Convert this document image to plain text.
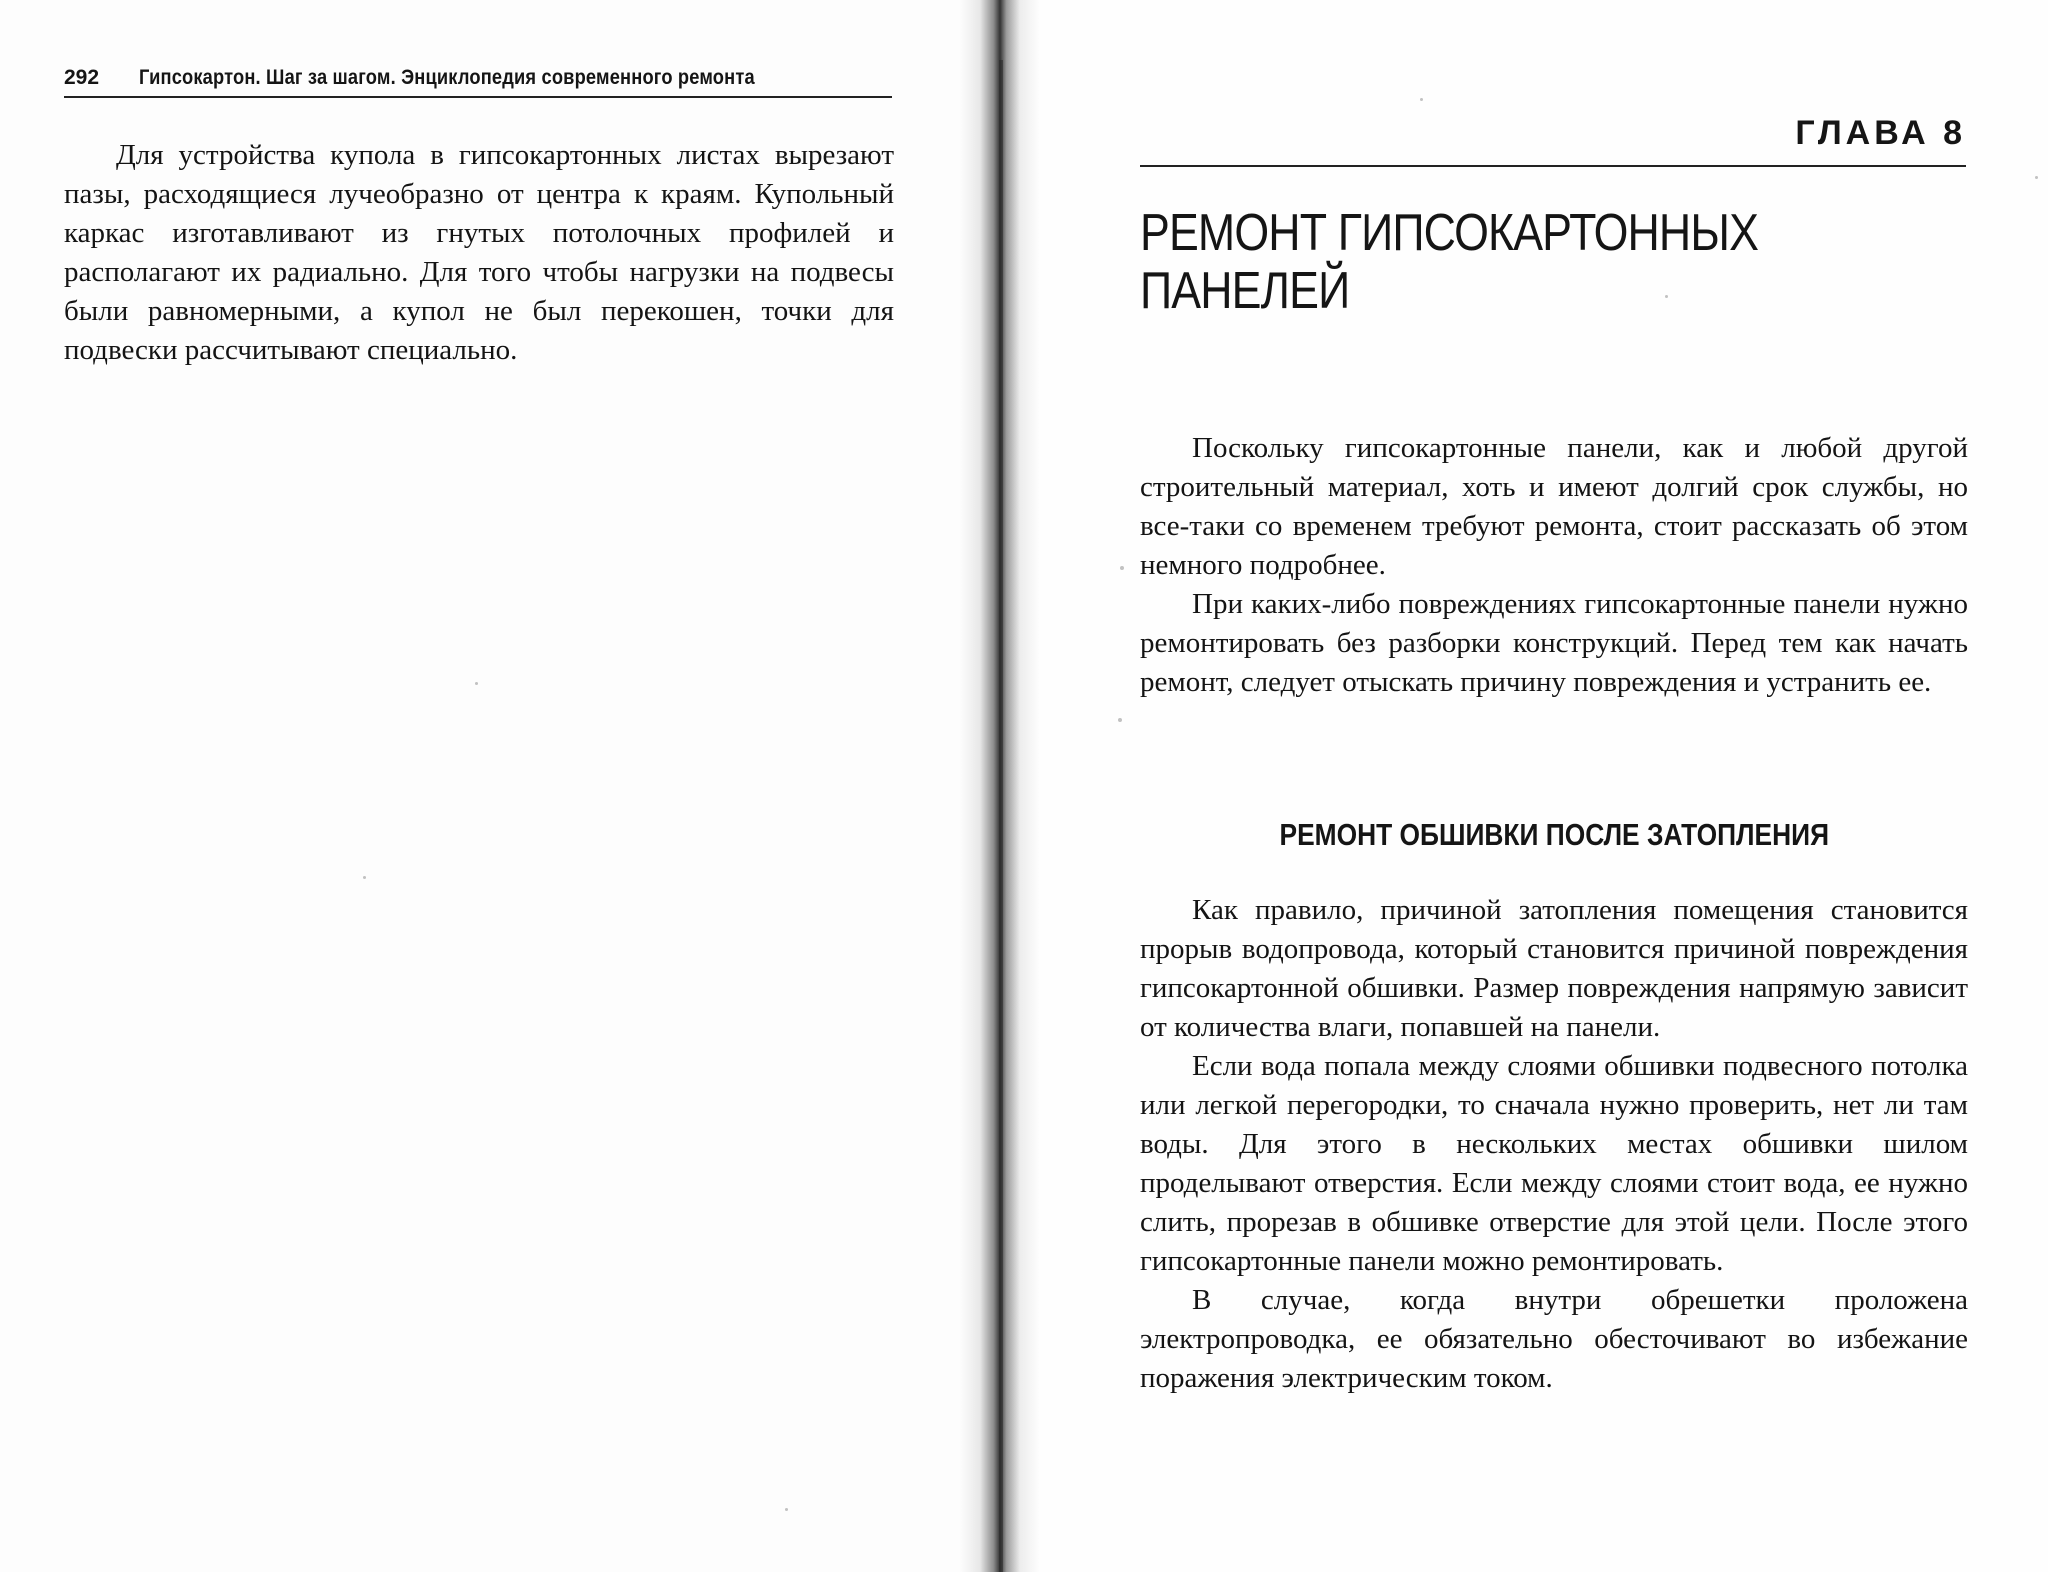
292 Гипсокартон. Шаг за шагом. Энциклопедия современного ремонта

Для устройства купола в гипсокартонных листах вырезают пазы, расходящиеся лучеобразно от центра к краям. Купольный каркас изготавливают из гнутых потолочных профилей и располагают их радиально. Для того чтобы нагрузки на подвесы были равномерными, а купол не был перекошен, точки для подвески рассчитывают специально.

ГЛАВА 8
РЕМОНТ ГИПСОКАРТОННЫХ ПАНЕЛЕЙ

Поскольку гипсокартонные панели, как и любой другой строительный материал, хоть и имеют долгий срок службы, но все-таки со временем требуют ремонта, стоит рассказать об этом немного подробнее.

При каких-либо повреждениях гипсокартонные панели нужно ремонтировать без разборки конструкций. Перед тем как начать ремонт, следует отыскать причину повреждения и устранить ее.

РЕМОНТ ОБШИВКИ ПОСЛЕ ЗАТОПЛЕНИЯ

Как правило, причиной затопления помещения становится прорыв водопровода, который становится причиной повреждения гипсокартонной обшивки. Размер повреждения напрямую зависит от количества влаги, попавшей на панели.

Если вода попала между слоями обшивки подвесного потолка или легкой перегородки, то сначала нужно проверить, нет ли там воды. Для этого в нескольких местах обшивки шилом проделывают отверстия. Если между слоями стоит вода, ее нужно слить, прорезав в обшивке отверстие для этой цели. После этого гипсокартонные панели можно ремонтировать.

В случае, когда внутри обрешетки проложена электропроводка, ее обязательно обесточивают во избежание поражения электрическим током.
